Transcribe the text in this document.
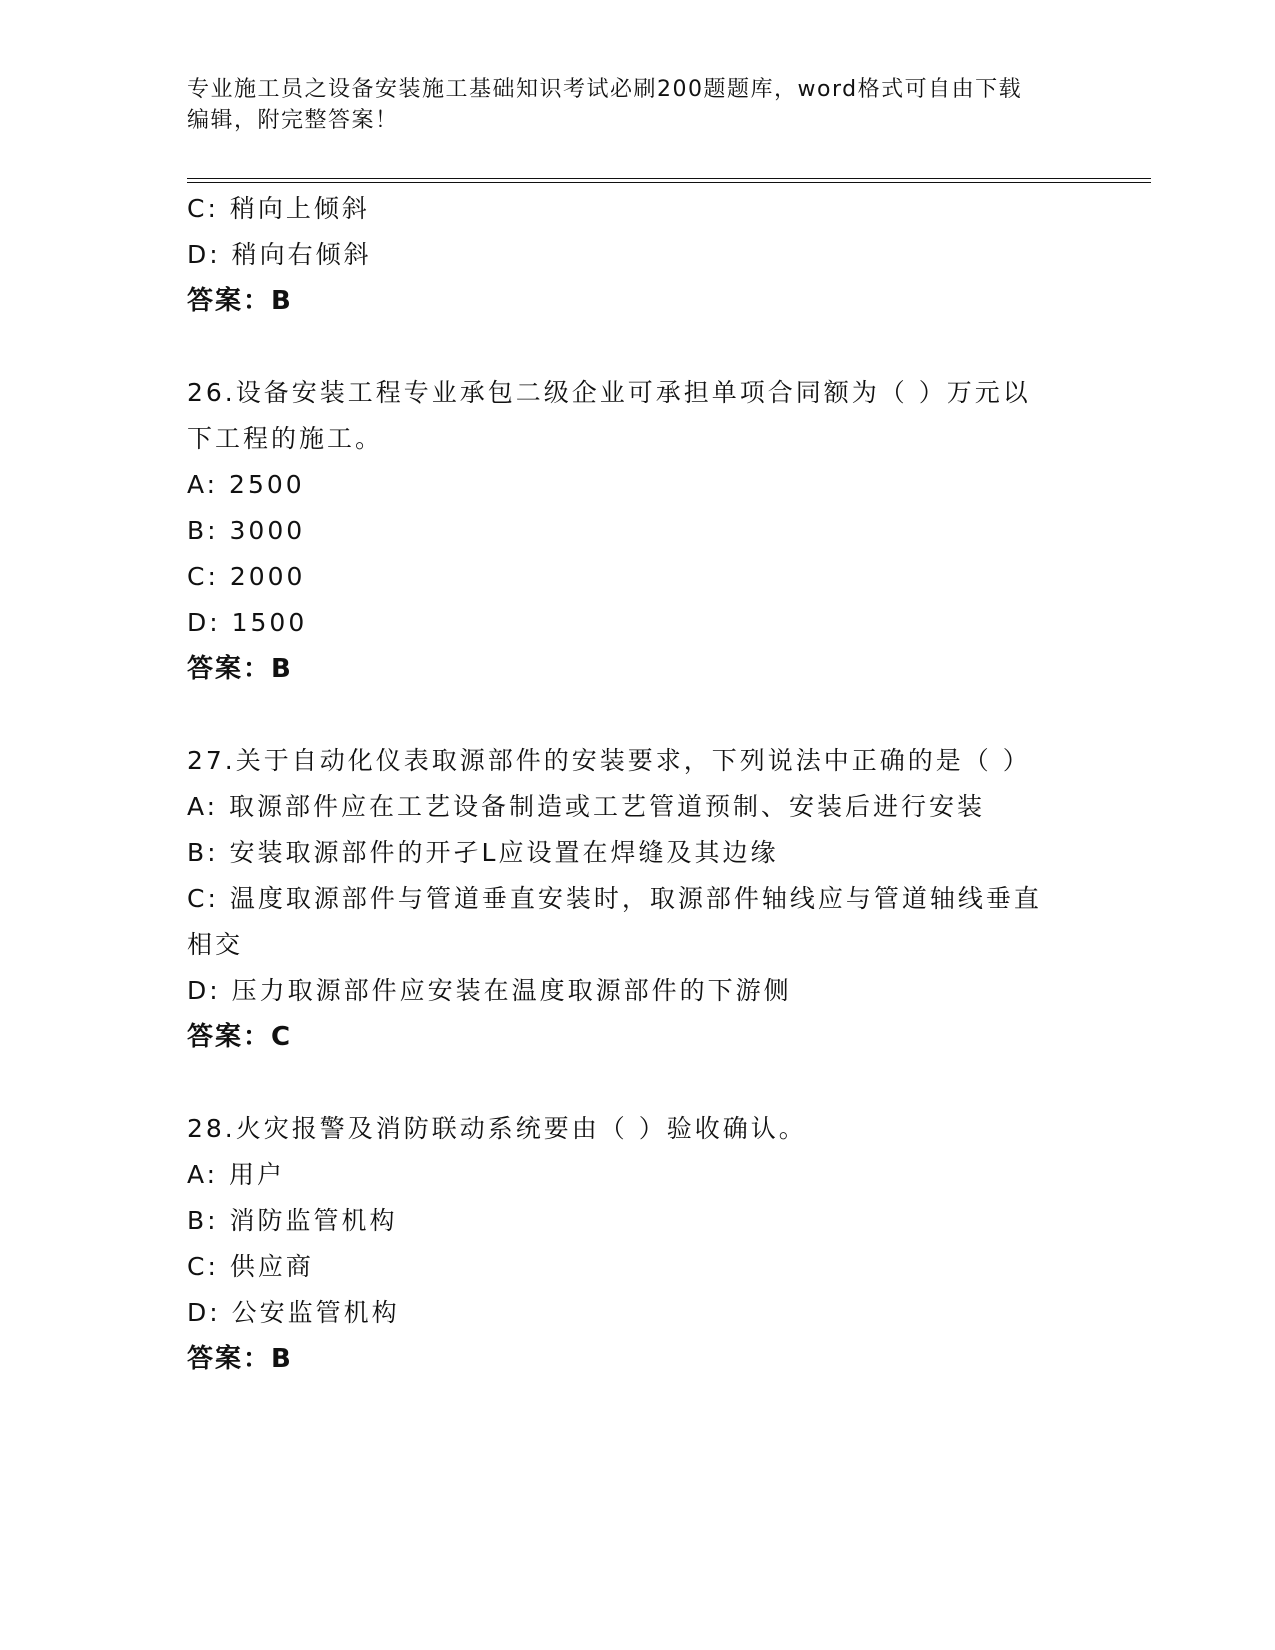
专业施工员之设备安装施工基础知识考试必刷200题题库，word格式可自由下载
编辑，附完整答案！
C: 稍向上倾斜
D: 稍向右倾斜
答案：B
26.设备安装工程专业承包二级企业可承担单项合同额为（ ）万元以
下工程的施工。
A: 2500
B: 3000
C: 2000
D: 1500
答案：B
27.关于自动化仪表取源部件的安装要求，下列说法中正确的是（ ）
A: 取源部件应在工艺设备制造或工艺管道预制、安装后进行安装
B: 安装取源部件的开孑L应设置在焊缝及其边缘
C: 温度取源部件与管道垂直安装时，取源部件轴线应与管道轴线垂直
相交
D: 压力取源部件应安装在温度取源部件的下游侧
答案：C
28.火灾报警及消防联动系统要由（ ）验收确认。
A: 用户
B: 消防监管机构
C: 供应商
D: 公安监管机构
答案：B
